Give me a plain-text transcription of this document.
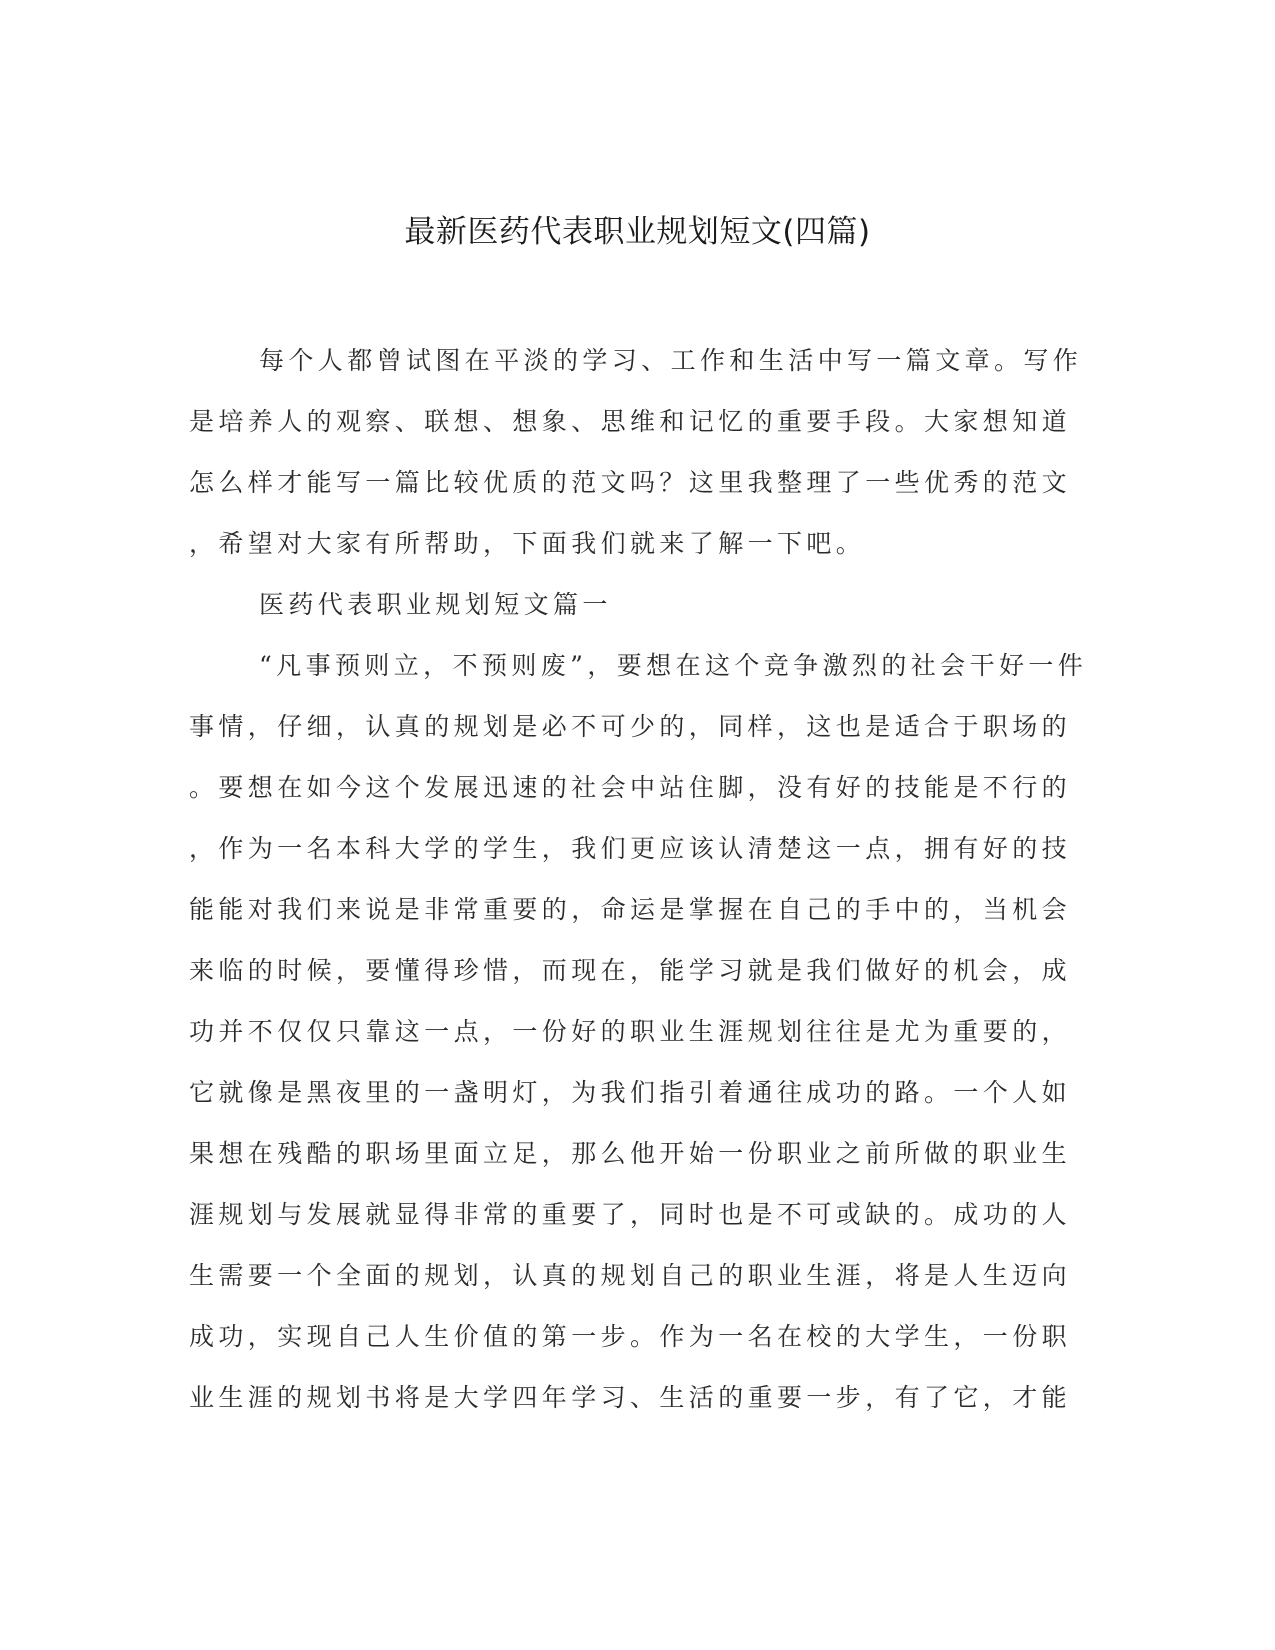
最新医药代表职业规划短文(四篇)
每个人都曾试图在平淡的学习、工作和生活中写一篇文章。写作
是培养人的观察、联想、想象、思维和记忆的重要手段。大家想知道
怎么样才能写一篇比较优质的范文吗？这里我整理了一些优秀的范文
，希望对大家有所帮助，下面我们就来了解一下吧。
医药代表职业规划短文篇一
“凡事预则立，不预则废”，要想在这个竞争激烈的社会干好一件
事情，仔细，认真的规划是必不可少的，同样，这也是适合于职场的
。要想在如今这个发展迅速的社会中站住脚，没有好的技能是不行的
，作为一名本科大学的学生，我们更应该认清楚这一点，拥有好的技
能能对我们来说是非常重要的，命运是掌握在自己的手中的，当机会
来临的时候，要懂得珍惜，而现在，能学习就是我们做好的机会，成
功并不仅仅只靠这一点，一份好的职业生涯规划往往是尤为重要的，
它就像是黑夜里的一盏明灯，为我们指引着通往成功的路。一个人如
果想在残酷的职场里面立足，那么他开始一份职业之前所做的职业生
涯规划与发展就显得非常的重要了，同时也是不可或缺的。成功的人
生需要一个全面的规划，认真的规划自己的职业生涯，将是人生迈向
成功，实现自己人生价值的第一步。作为一名在校的大学生，一份职
业生涯的规划书将是大学四年学习、生活的重要一步，有了它，才能
